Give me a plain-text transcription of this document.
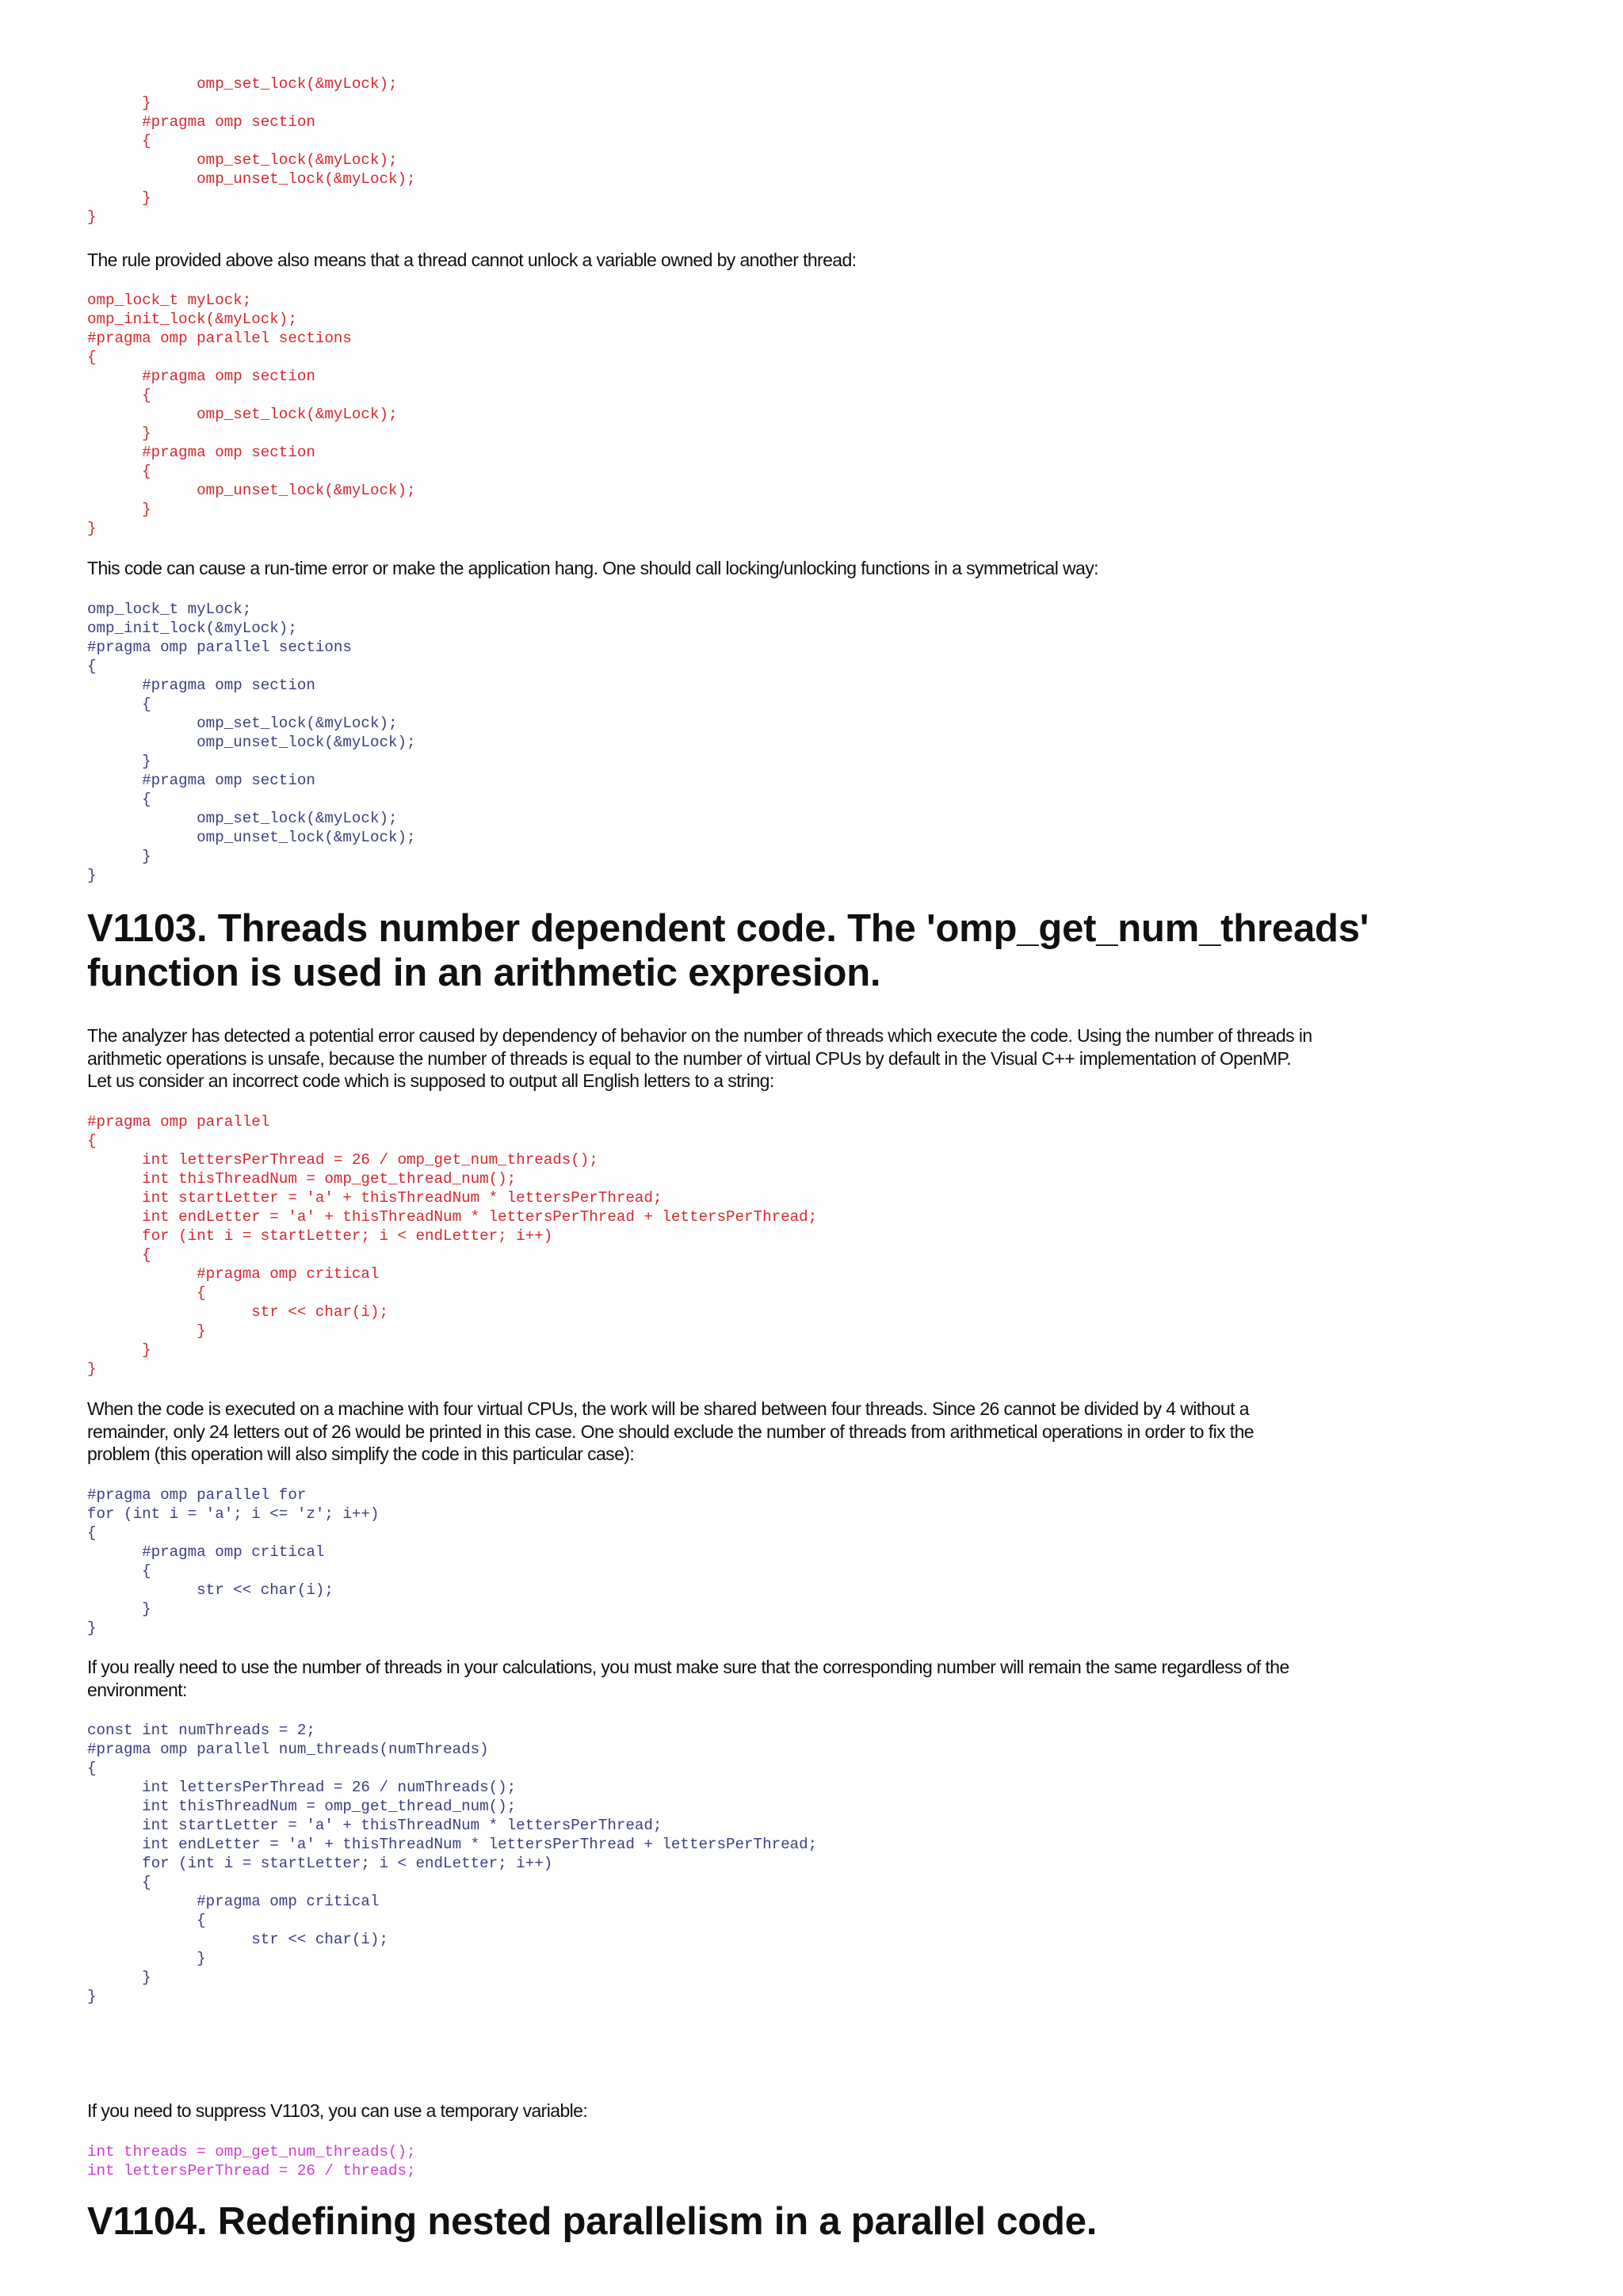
omp_set_lock(&myLock);
}
#pragma omp section
{
omp_set_lock(&myLock);
omp_unset_lock(&myLock);
}
}

The rule provided above also means that a thread cannot unlock a variable owned by another thread:

omp_lock_t myLock;
omp_init_lock(&myLock);
#pragma omp parallel sections
{
#pragma omp section
{
omp_set_lock(&myLock);
}
#pragma omp section
{
omp_unset_lock(&myLock);
}
}

This code can cause a run-time error or make the application hang. One should call locking/unlocking functions in a symmetrical way:

omp_lock_t myLock;
omp_init_lock(&myLock);
#pragma omp parallel sections
{
#pragma omp section
{
omp_set_lock(&myLock);
omp_unset_lock(&myLock);
}
#pragma omp section
{
omp_set_lock(&myLock);
omp_unset_lock(&myLock);
}
}
V1103. Threads number dependent code. The 'omp_get_num_threads'
function is used in an arithmetic expresion.

The analyzer has detected a potential error caused by dependency of behavior on the number of threads which execute the code. Using the number of threads in
arithmetic operations is unsafe, because the number of threads is equal to the number of virtual CPUs by default in the Visual C++ implementation of OpenMP.
Let us consider an incorrect code which is supposed to output all English letters to a string:

#pragma omp parallel
{
int lettersPerThread = 26 / omp_get_num_threads();
int thisThreadNum = omp_get_thread_num();
int startLetter = 'a' + thisThreadNum * lettersPerThread;
int endLetter = 'a' + thisThreadNum * lettersPerThread + lettersPerThread;
for (int i = startLetter; i < endLetter; i++)
{
#pragma omp critical
{
str << char(i);
}
}
}

When the code is executed on a machine with four virtual CPUs, the work will be shared between four threads. Since 26 cannot be divided by 4 without a
remainder, only 24 letters out of 26 would be printed in this case. One should exclude the number of threads from arithmetical operations in order to fix the
problem (this operation will also simplify the code in this particular case):

#pragma omp parallel for
for (int i = 'a'; i <= 'z'; i++)
{
#pragma omp critical
{
str << char(i);
}
}

If you really need to use the number of threads in your calculations, you must make sure that the corresponding number will remain the same regardless of the
environment:

const int numThreads = 2;
#pragma omp parallel num_threads(numThreads)
{
int lettersPerThread = 26 / numThreads();
int thisThreadNum = omp_get_thread_num();
int startLetter = 'a' + thisThreadNum * lettersPerThread;
int endLetter = 'a' + thisThreadNum * lettersPerThread + lettersPerThread;
for (int i = startLetter; i < endLetter; i++)
{
#pragma omp critical
{
str << char(i);
}
}
}

If you need to suppress V1103, you can use a temporary variable:

int threads = omp_get_num_threads();
int lettersPerThread = 26 / threads;
V1104. Redefining nested parallelism in a parallel code.
